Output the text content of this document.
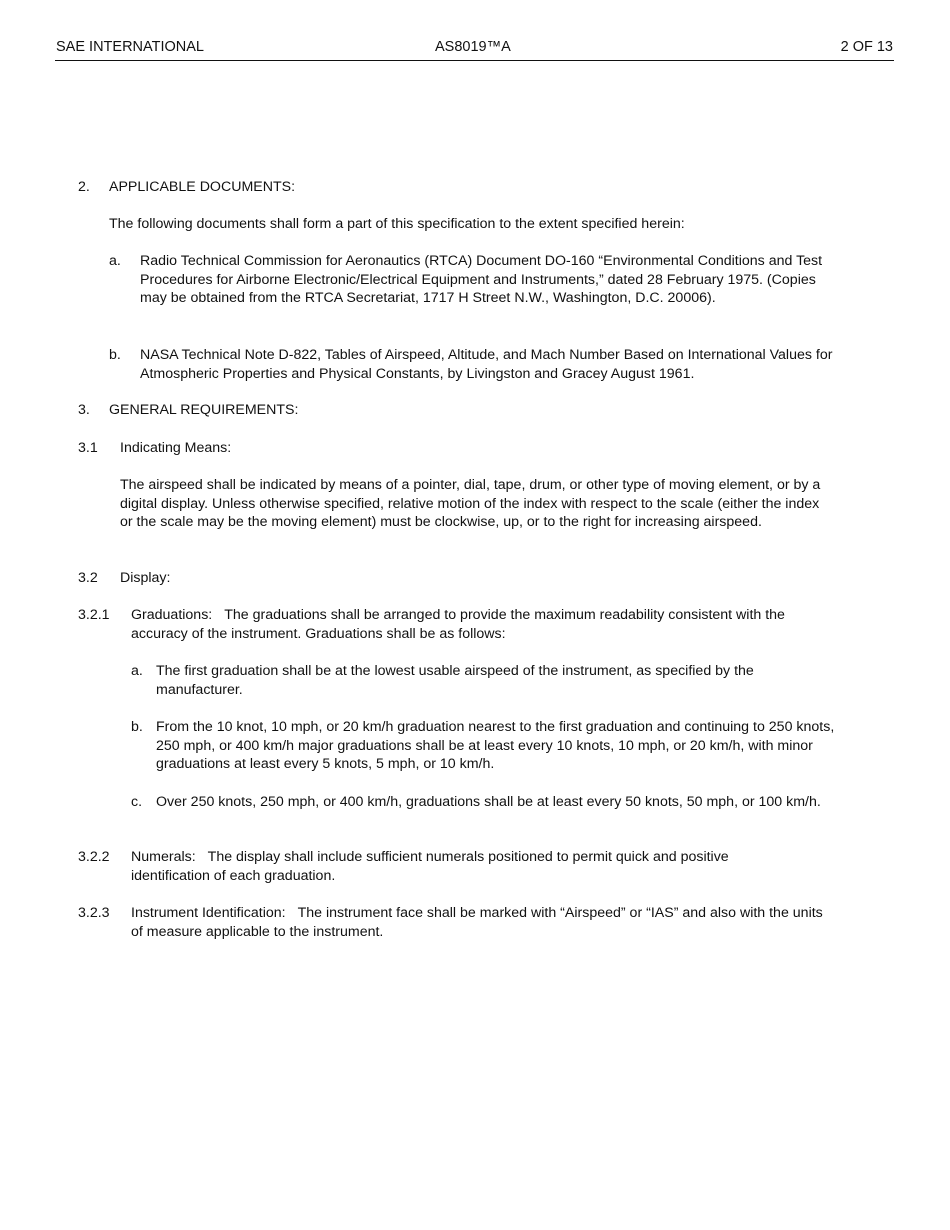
SAE INTERNATIONAL	AS8019™A	2 OF 13
2. APPLICABLE DOCUMENTS:

The following documents shall form a part of this specification to the extent specified herein:

a. Radio Technical Commission for Aeronautics (RTCA) Document DO-160 “Environmental Conditions and Test Procedures for Airborne Electronic/Electrical Equipment and Instruments,” dated 28 February 1975. (Copies may be obtained from the RTCA Secretariat, 1717 H Street N.W., Washington, D.C. 20006).

b. NASA Technical Note D-822, Tables of Airspeed, Altitude, and Mach Number Based on International Values for Atmospheric Properties and Physical Constants, by Livingston and Gracey August 1961.

3. GENERAL REQUIREMENTS:
3.1 Indicating Means:

The airspeed shall be indicated by means of a pointer, dial, tape, drum, or other type of moving element, or by a digital display. Unless otherwise specified, relative motion of the index with respect to the scale (either the index or the scale may be the moving element) must be clockwise, up, or to the right for increasing airspeed.

3.2 Display:
3.2.1 Graduations: The graduations shall be arranged to provide the maximum readability consistent with the accuracy of the instrument. Graduations shall be as follows:

a. The first graduation shall be at the lowest usable airspeed of the instrument, as specified by the manufacturer.

b. From the 10 knot, 10 mph, or 20 km/h graduation nearest to the first graduation and continuing to 250 knots, 250 mph, or 400 km/h major graduations shall be at least every 10 knots, 10 mph, or 20 km/h, with minor graduations at least every 5 knots, 5 mph, or 10 km/h.

c. Over 250 knots, 250 mph, or 400 km/h, graduations shall be at least every 50 knots, 50 mph, or 100 km/h.

3.2.2 Numerals: The display shall include sufficient numerals positioned to permit quick and positive identification of each graduation.

3.2.3 Instrument Identification: The instrument face shall be marked with “Airspeed” or “IAS” and also with the units of measure applicable to the instrument.
